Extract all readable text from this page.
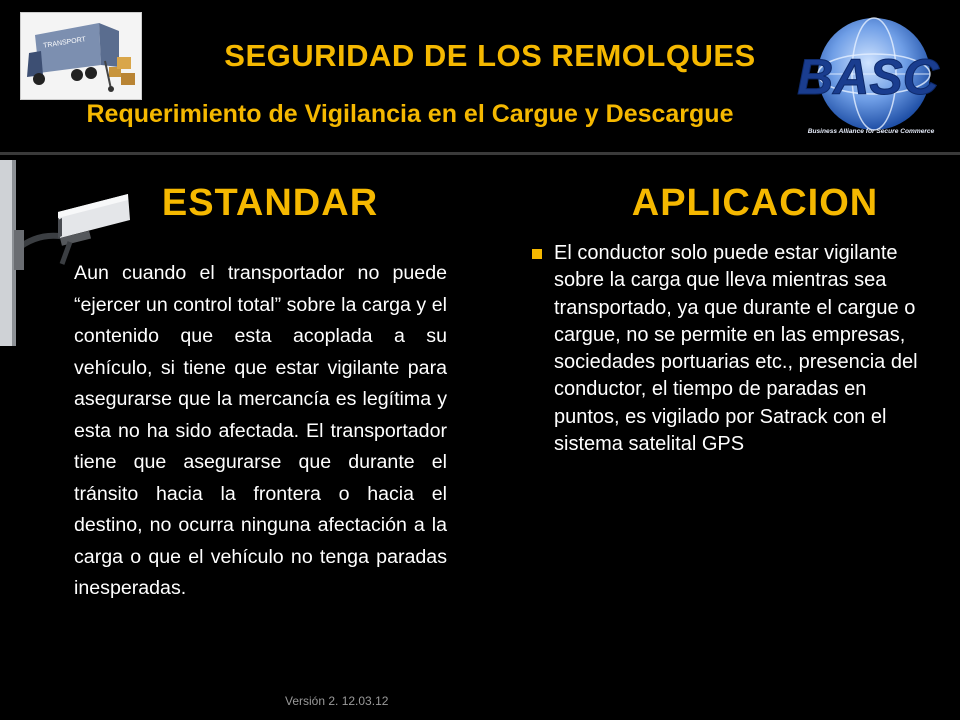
TRANSPORT	SEGURIDAD DE LOS REMOLQUES
Requerimiento de Vigilancia en el Cargue y Descargue
BASC
Business Alliance for Secure Commerce
ESTANDAR

Aun cuando el transportador no puede “ejercer un control total” sobre la carga y el contenido que esta acoplada a su vehículo, si tiene que estar vigilante para asegurarse que la mercancía es legítima y esta no ha sido afectada. El transportador tiene que asegurarse que durante el tránsito hacia la frontera o hacia el destino, no ocurra ninguna afectación a la carga o que el vehículo no tenga paradas inesperadas.

APLICACION

El conductor solo puede estar vigilante sobre la carga que lleva mientras sea transportado, ya que durante el cargue o cargue, no se permite en las empresas, sociedades portuarias etc., presencia del conductor, el tiempo de paradas en puntos, es vigilado por Satrack con el sistema satelital GPS

Versión 2. 12.03.12
